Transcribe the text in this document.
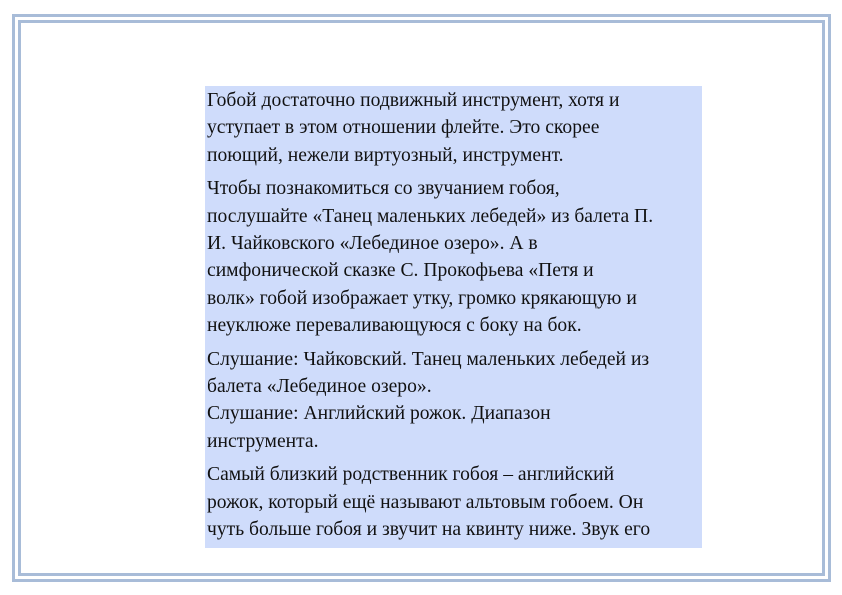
Гобой достаточно подвижный инструмент, хотя и
уступает в этом отношении флейте. Это скорее
поющий, нежели виртуозный, инструмент.
Чтобы познакомиться со звучанием гобоя,
послушайте «Танец маленьких лебедей» из балета П.
И. Чайковского «Лебединое озеро». А в
симфонической сказке С. Прокофьева «Петя и
волк» гобой изображает утку, громко крякающую и
неуклюже переваливающуюся с боку на бок.
Слушание: Чайковский. Танец маленьких лебедей из
балета «Лебединое озеро».
Слушание: Английский рожок. Диапазон
инструмента.
Самый близкий родственник гобоя – английский
рожок, который ещё называют альтовым гобоем. Он
чуть больше гобоя и звучит на квинту ниже. Звук его
